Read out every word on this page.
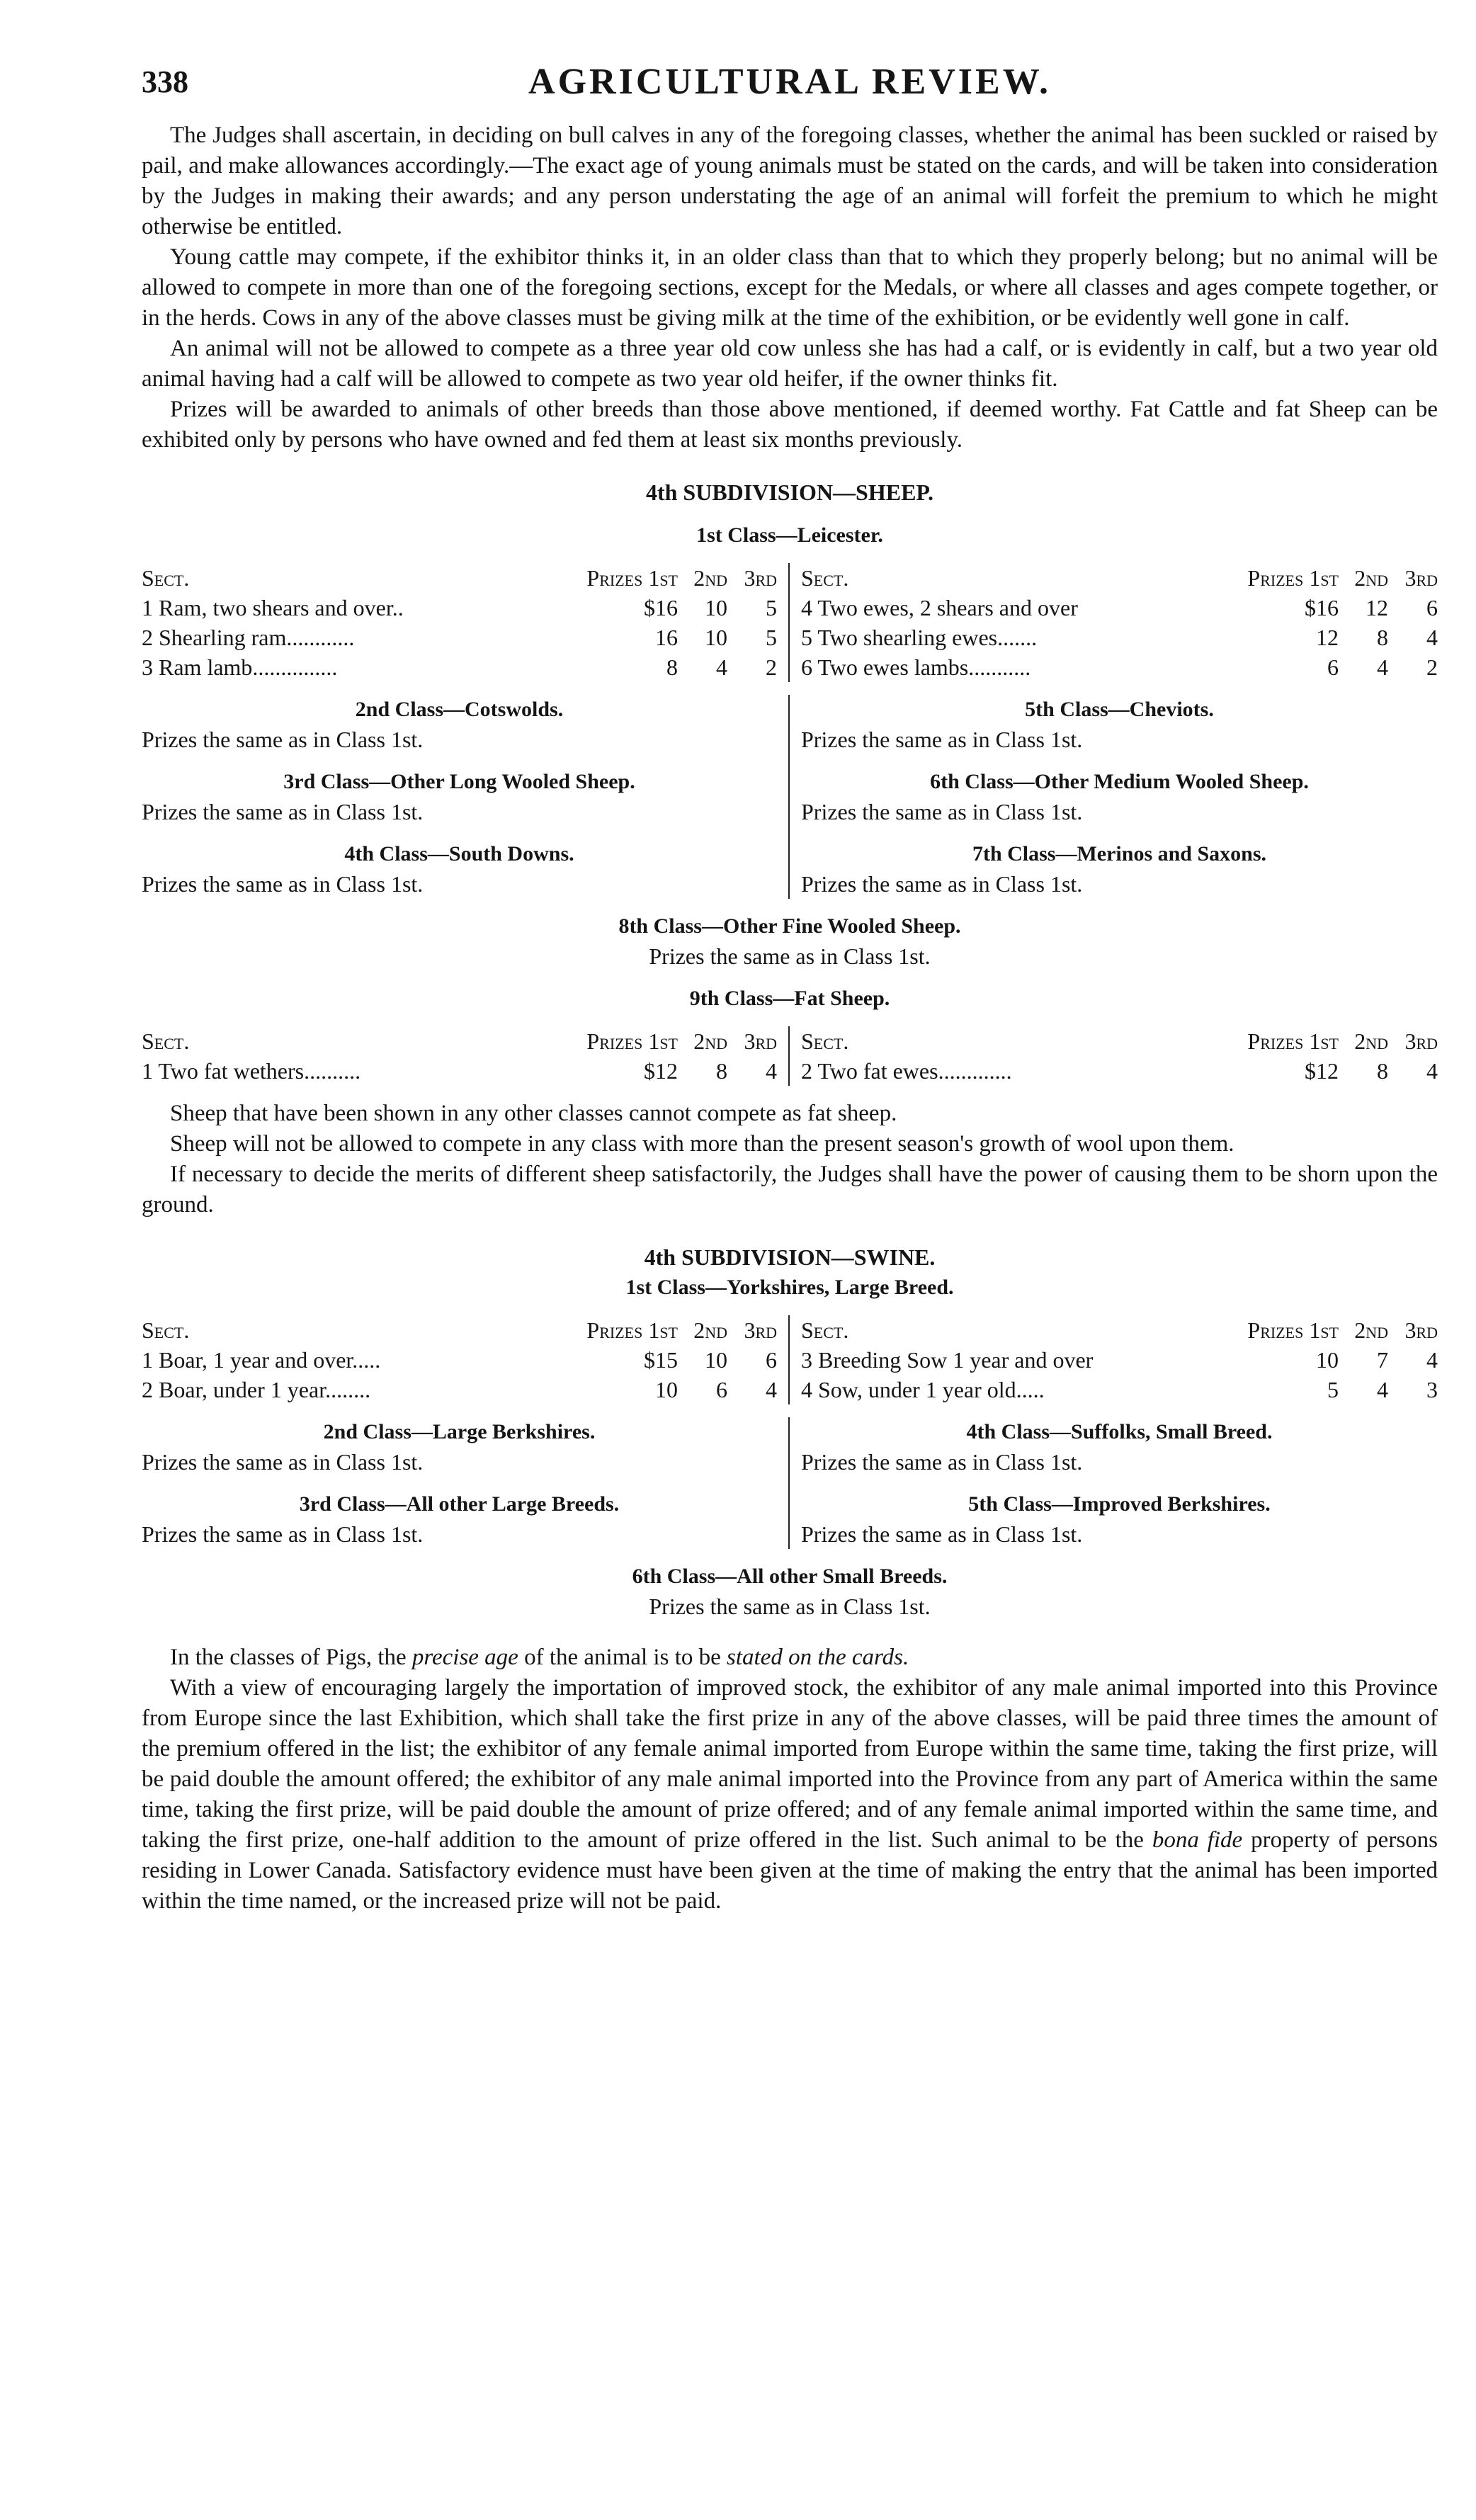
338	AGRICULTURAL REVIEW.

The Judges shall ascertain, in deciding on bull calves in any of the foregoing classes, whether the animal has been suckled or raised by pail, and make allowances accordingly.—The exact age of young animals must be stated on the cards, and will be taken into consideration by the Judges in making their awards; and any person understating the age of an animal will forfeit the premium to which he might otherwise be entitled.

Young cattle may compete, if the exhibitor thinks it, in an older class than that to which they properly belong; but no animal will be allowed to compete in more than one of the foregoing sections, except for the Medals, or where all classes and ages compete together, or in the herds. Cows in any of the above classes must be giving milk at the time of the exhibition, or be evidently well gone in calf.

An animal will not be allowed to compete as a three year old cow unless she has had a calf, or is evidently in calf, but a two year old animal having had a calf will be allowed to compete as two year old heifer, if the owner thinks fit.

Prizes will be awarded to animals of other breeds than those above mentioned, if deemed worthy. Fat Cattle and fat Sheep can be exhibited only by persons who have owned and fed them at least six months previously.

4th SUBDIVISION—SHEEP.
1st Class—Leicester.
Sect.	Prizes 1st	2nd	3rd
1 Ram, two shears and over..	$16	10	5
2 Shearling ram............	16	10	5
3 Ram lamb...............	8	4	2
Sect.	Prizes 1st	2nd	3rd
4 Two ewes, 2 shears and over	$16	12	6
5 Two shearling ewes.......	12	8	4
6 Two ewes lambs...........	6	4	2
2nd Class—Cotswolds.
Prizes the same as in Class 1st.
3rd Class—Other Long Wooled Sheep.
Prizes the same as in Class 1st.
4th Class—South Downs.
Prizes the same as in Class 1st.
5th Class—Cheviots.
Prizes the same as in Class 1st.
6th Class—Other Medium Wooled Sheep.
Prizes the same as in Class 1st.
7th Class—Merinos and Saxons.
Prizes the same as in Class 1st.
8th Class—Other Fine Wooled Sheep.
Prizes the same as in Class 1st.
9th Class—Fat Sheep.
Sect.	Prizes 1st	2nd	3rd
1 Two fat wethers..........	$12	8	4
Sect.	Prizes 1st	2nd	3rd
2 Two fat ewes.............	$12	8	4

Sheep that have been shown in any other classes cannot compete as fat sheep.

Sheep will not be allowed to compete in any class with more than the present season's growth of wool upon them.

If necessary to decide the merits of different sheep satisfactorily, the Judges shall have the power of causing them to be shorn upon the ground.

4th SUBDIVISION—SWINE.
1st Class—Yorkshires, Large Breed.
Sect.	Prizes 1st	2nd	3rd
1 Boar, 1 year and over.....	$15	10	6
2 Boar, under 1 year........	10	6	4
Sect.	Prizes 1st	2nd	3rd
3 Breeding Sow 1 year and over	10	7	4
4 Sow, under 1 year old.....	5	4	3
2nd Class—Large Berkshires.
Prizes the same as in Class 1st.
3rd Class—All other Large Breeds.
Prizes the same as in Class 1st.
4th Class—Suffolks, Small Breed.
Prizes the same as in Class 1st.
5th Class—Improved Berkshires.
Prizes the same as in Class 1st.
6th Class—All other Small Breeds.
Prizes the same as in Class 1st.

In the classes of Pigs, the precise age of the animal is to be stated on the cards.

With a view of encouraging largely the importation of improved stock, the exhibitor of any male animal imported into this Province from Europe since the last Exhibition, which shall take the first prize in any of the above classes, will be paid three times the amount of the premium offered in the list; the exhibitor of any female animal imported from Europe within the same time, taking the first prize, will be paid double the amount offered; the exhibitor of any male animal imported into the Province from any part of America within the same time, taking the first prize, will be paid double the amount of prize offered; and of any female animal imported within the same time, and taking the first prize, one-half addition to the amount of prize offered in the list. Such animal to be the bona fide property of persons residing in Lower Canada. Satisfactory evidence must have been given at the time of making the entry that the animal has been imported within the time named, or the increased prize will not be paid.
